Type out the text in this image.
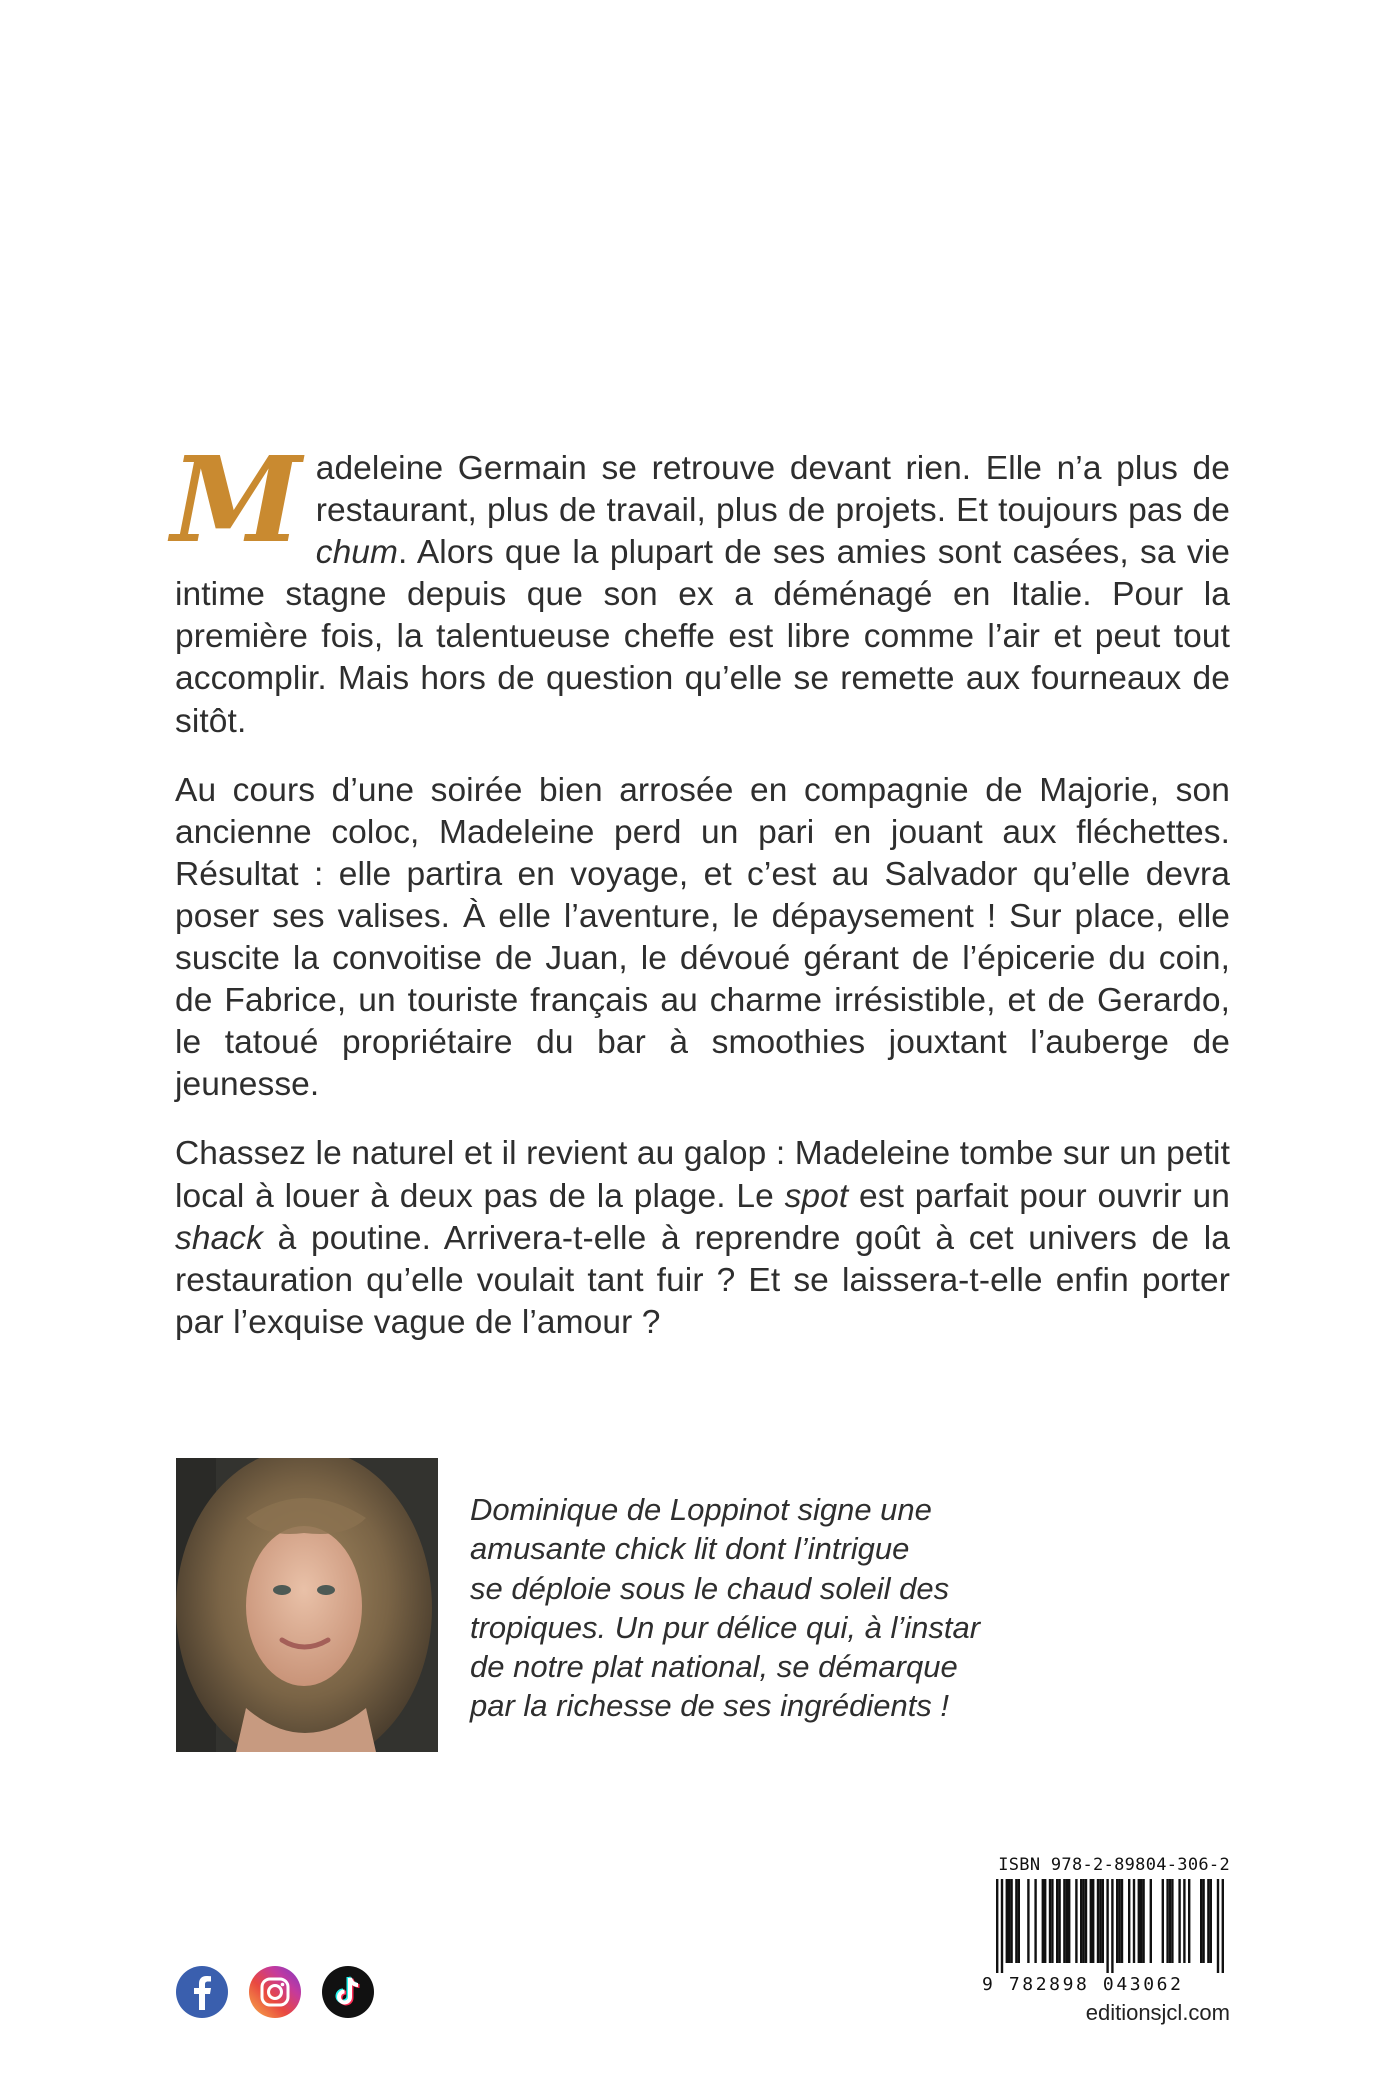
Madeleine Germain se retrouve devant rien. Elle n’a plus de restaurant, plus de travail, plus de projets. Et toujours pas de chum. Alors que la plupart de ses amies sont casées, sa vie intime stagne depuis que son ex a déménagé en Italie. Pour la première fois, la talentueuse cheffe est libre comme l’air et peut tout accomplir. Mais hors de question qu’elle se remette aux fourneaux de sitôt.

Au cours d’une soirée bien arrosée en compagnie de Majorie, son ancienne coloc, Madeleine perd un pari en jouant aux fléchettes. Résultat : elle partira en voyage, et c’est au Salvador qu’elle devra poser ses valises. À elle l’aventure, le dépaysement ! Sur place, elle suscite la convoitise de Juan, le dévoué gérant de l’épicerie du coin, de Fabrice, un touriste français au charme irrésistible, et de Gerardo, le tatoué propriétaire du bar à smoothies jouxtant l’auberge de jeunesse.

Chassez le naturel et il revient au galop : Madeleine tombe sur un petit local à louer à deux pas de la plage. Le spot est parfait pour ouvrir un shack à poutine. Arrivera-t-elle à reprendre goût à cet univers de la restauration qu’elle voulait tant fuir ? Et se laissera-t-elle enfin porter par l’exquise vague de l’amour ?

Dominique de Loppinot signe une

amusante chick lit dont l’intrigue

se déploie sous le chaud soleil des

tropiques. Un pur délice qui, à l’instar

de notre plat national, se démarque

par la richesse de ses ingrédients !

ISBN 978-2-89804-306-2
9 782898 043062
editionsjcl.com
